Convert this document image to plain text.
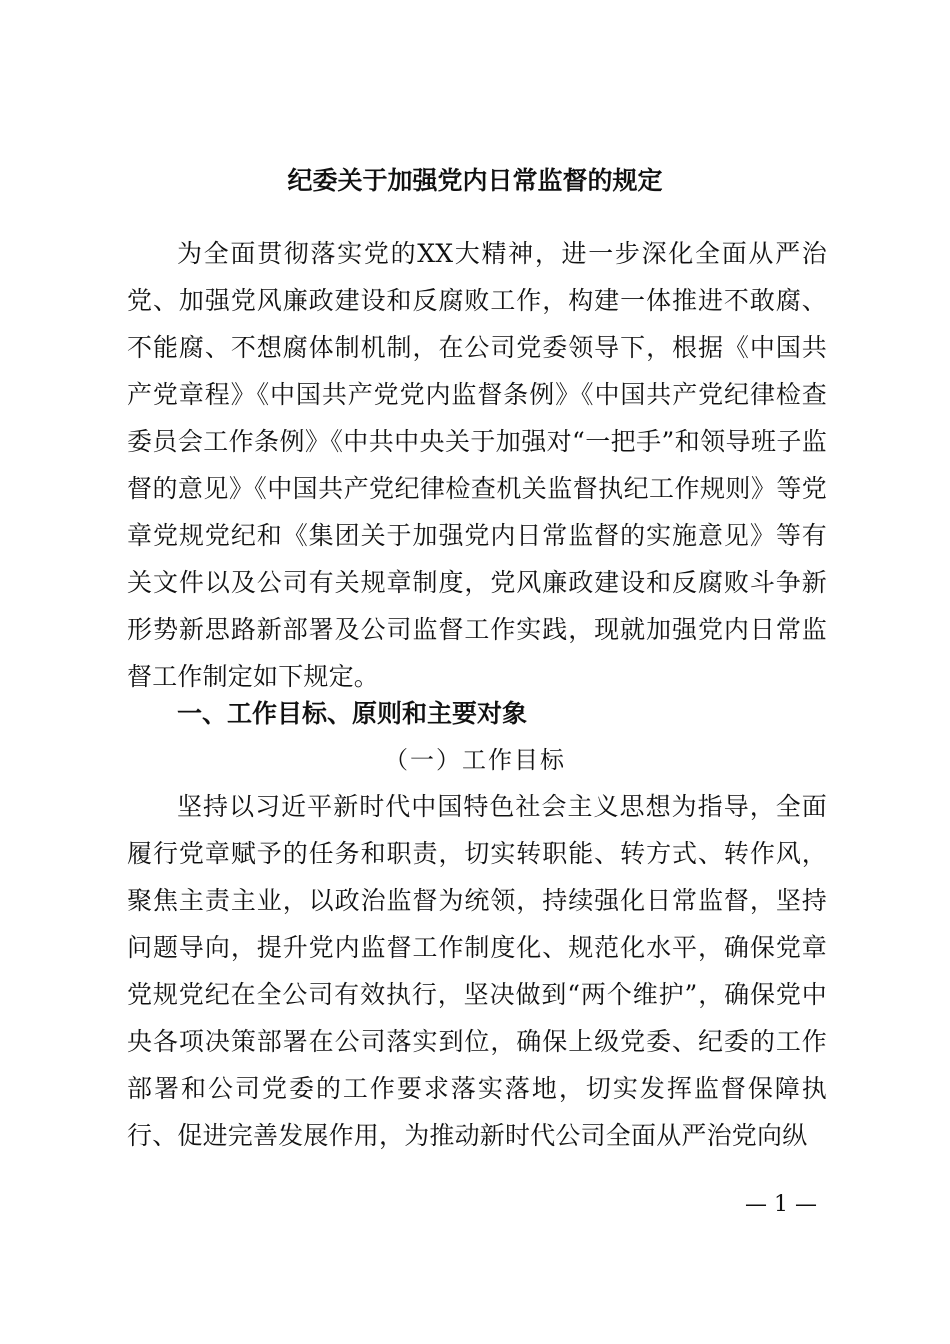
纪委关于加强党内日常监督的规定

为全面贯彻落实党的XX大精神，进一步深化全面从严治党、加强党风廉政建设和反腐败工作，构建一体推进不敢腐、不能腐、不想腐体制机制，在公司党委领导下，根据《中国共产党章程》《中国共产党党内监督条例》《中国共产党纪律检查委员会工作条例》《中共中央关于加强对“一把手”和领导班子监督的意见》《中国共产党纪律检查机关监督执纪工作规则》等党章党规党纪和《集团关于加强党内日常监督的实施意见》等有关文件以及公司有关规章制度，党风廉政建设和反腐败斗争新形势新思路新部署及公司监督工作实践，现就加强党内日常监督工作制定如下规定。

一、工作目标、原则和主要对象

（一）工作目标

坚持以习近平新时代中国特色社会主义思想为指导，全面履行党章赋予的任务和职责，切实转职能、转方式、转作风，聚焦主责主业，以政治监督为统领，持续强化日常监督，坚持问题导向，提升党内监督工作制度化、规范化水平，确保党章党规党纪在全公司有效执行，坚决做到“两个维护”，确保党中央各项决策部署在公司落实到位，确保上级党委、纪委的工作部署和公司党委的工作要求落实落地，切实发挥监督保障执行、促进完善发展作用，为推动新时代公司全面从严治党向纵

— 1 —
